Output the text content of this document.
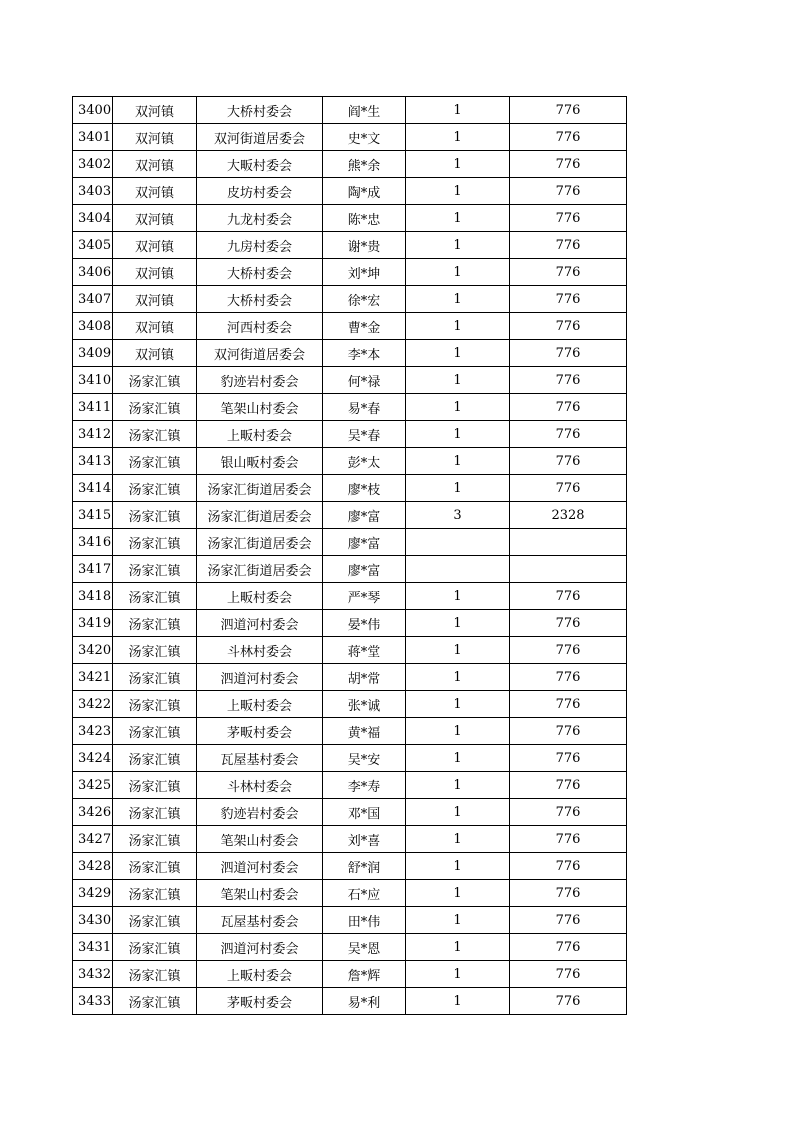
3400	双河镇	大桥村委会	阎*生	1	776
3401	双河镇	双河街道居委会	史*文	1	776
3402	双河镇	大畈村委会	熊*余	1	776
3403	双河镇	皮坊村委会	陶*成	1	776
3404	双河镇	九龙村委会	陈*忠	1	776
3405	双河镇	九房村委会	谢*贵	1	776
3406	双河镇	大桥村委会	刘*坤	1	776
3407	双河镇	大桥村委会	徐*宏	1	776
3408	双河镇	河西村委会	曹*金	1	776
3409	双河镇	双河街道居委会	李*本	1	776
3410	汤家汇镇	豹迹岩村委会	何*禄	1	776
3411	汤家汇镇	笔架山村委会	易*春	1	776
3412	汤家汇镇	上畈村委会	吴*春	1	776
3413	汤家汇镇	银山畈村委会	彭*太	1	776
3414	汤家汇镇	汤家汇街道居委会	廖*枝	1	776
3415	汤家汇镇	汤家汇街道居委会	廖*富	3	2328
3416	汤家汇镇	汤家汇街道居委会	廖*富		
3417	汤家汇镇	汤家汇街道居委会	廖*富		
3418	汤家汇镇	上畈村委会	严*琴	1	776
3419	汤家汇镇	泗道河村委会	晏*伟	1	776
3420	汤家汇镇	斗林村委会	蒋*堂	1	776
3421	汤家汇镇	泗道河村委会	胡*常	1	776
3422	汤家汇镇	上畈村委会	张*诚	1	776
3423	汤家汇镇	茅畈村委会	黄*福	1	776
3424	汤家汇镇	瓦屋基村委会	吴*安	1	776
3425	汤家汇镇	斗林村委会	李*寿	1	776
3426	汤家汇镇	豹迹岩村委会	邓*国	1	776
3427	汤家汇镇	笔架山村委会	刘*喜	1	776
3428	汤家汇镇	泗道河村委会	舒*润	1	776
3429	汤家汇镇	笔架山村委会	石*应	1	776
3430	汤家汇镇	瓦屋基村委会	田*伟	1	776
3431	汤家汇镇	泗道河村委会	吴*恩	1	776
3432	汤家汇镇	上畈村委会	詹*辉	1	776
3433	汤家汇镇	茅畈村委会	易*利	1	776
